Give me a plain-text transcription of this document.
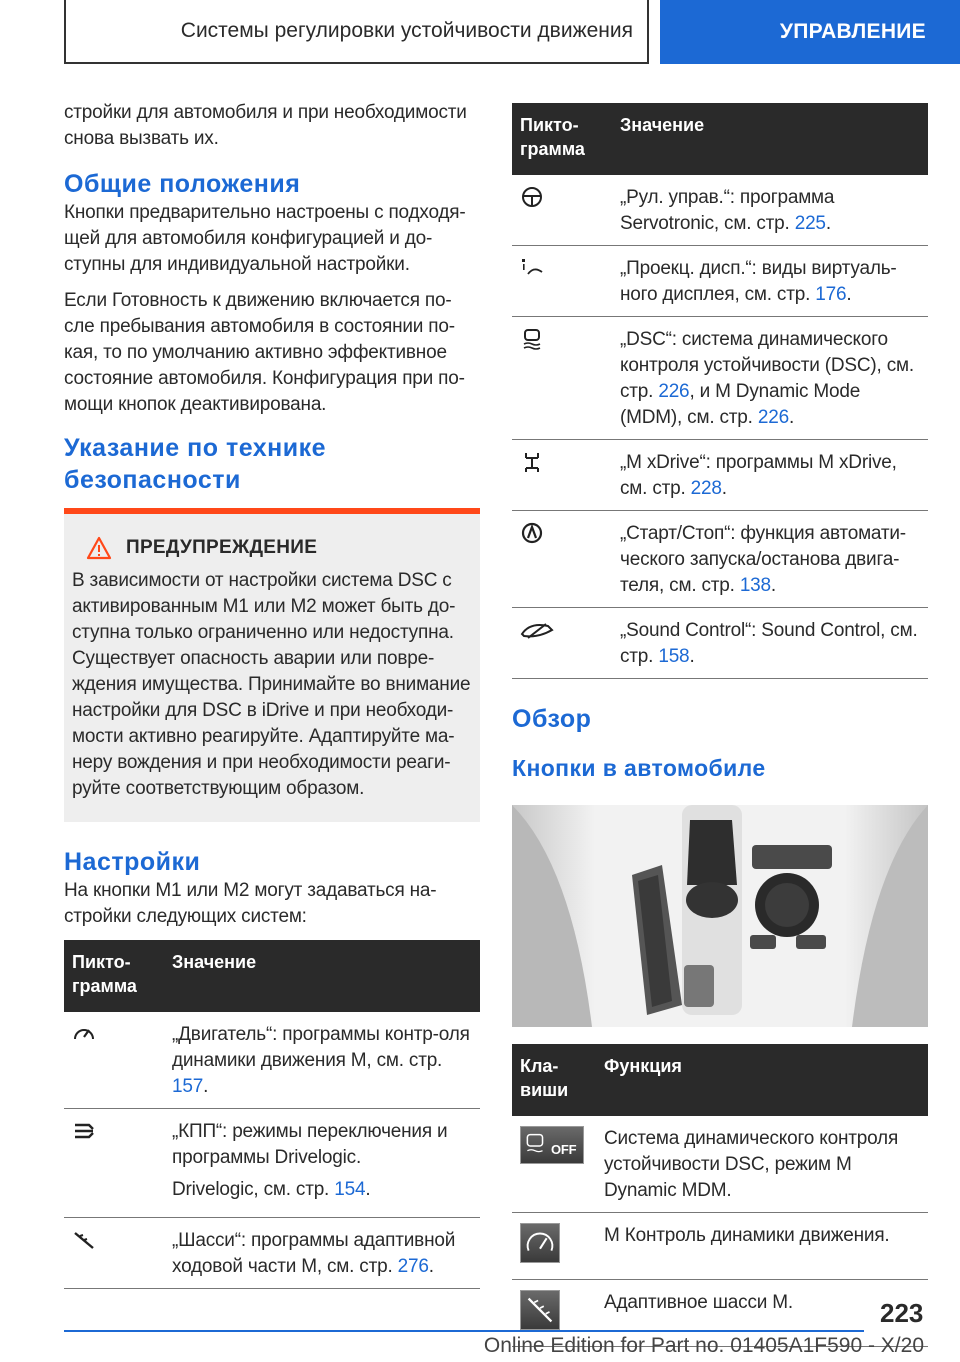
Системы регулировки устойчивости движения	УПРАВЛЕНИЕ

стройки для автомобиля и при необходимости снова вызвать их.

Общие положения

Кнопки предварительно настроены с подходя-щей для автомобиля конфигурацией и до-ступны для индивидуальной настройки.

Если Готовность к движению включается по-сле пребывания автомобиля в состоянии по-кая, то по умолчанию активно эффективное состояние автомобиля. Конфигурация при по-мощи кнопок деактивирована.

Указание по технике безопасности
ПРЕДУПРЕЖДЕНИЕ

В зависимости от настройки система DSC с активированным M1 или M2 может быть до-ступна только ограниченно или недоступна. Существует опасность аварии или повре-ждения имущества. Принимайте во внимание настройки для DSC в iDrive и при необходи-мости активно реагируйте. Адаптируйте ма-неру вождения и при необходимости реаги-руйте соответствующим образом.

Настройки

На кнопки M1 или M2 могут задаваться на-стройки следующих систем:

Пикто-грамма	Значение
	„Двигатель“: программы контр-оля динамики движения M, см. стр. 157.

„КПП“: режимы переключения и программы Drivelogic.

Drivelogic, см. стр. 154.

	„Шасси“: программы адаптивной ходовой части M, см. стр. 276.
Пикто-грамма	Значение
	„Рул. управ.“: программа Servotronic, см. стр. 225.
	„Проекц. дисп.“: виды виртуаль-ного дисплея, см. стр. 176.
	„DSC“: система динамического контроля устойчивости (DSC), см. стр. 226, и M Dynamic Mode (MDM), см. стр. 226.
	„M xDrive“: программы M xDrive, см. стр. 228.
	„Старт/Стоп“: функция автомати-ческого запуска/останова двига-теля, см. стр. 138.
	„Sound Control“: Sound Control, см. стр. 158.
Обзор
Кнопки в автомобиле
Кла-виши	Функция

OFF	Система динамического контроля устойчивости DSC, режим M Dynamic MDM.

	M Контроль динамики движения.

	Адаптивное шасси M.	223
Online Edition for Part no. 01405A1F590 - X/20
